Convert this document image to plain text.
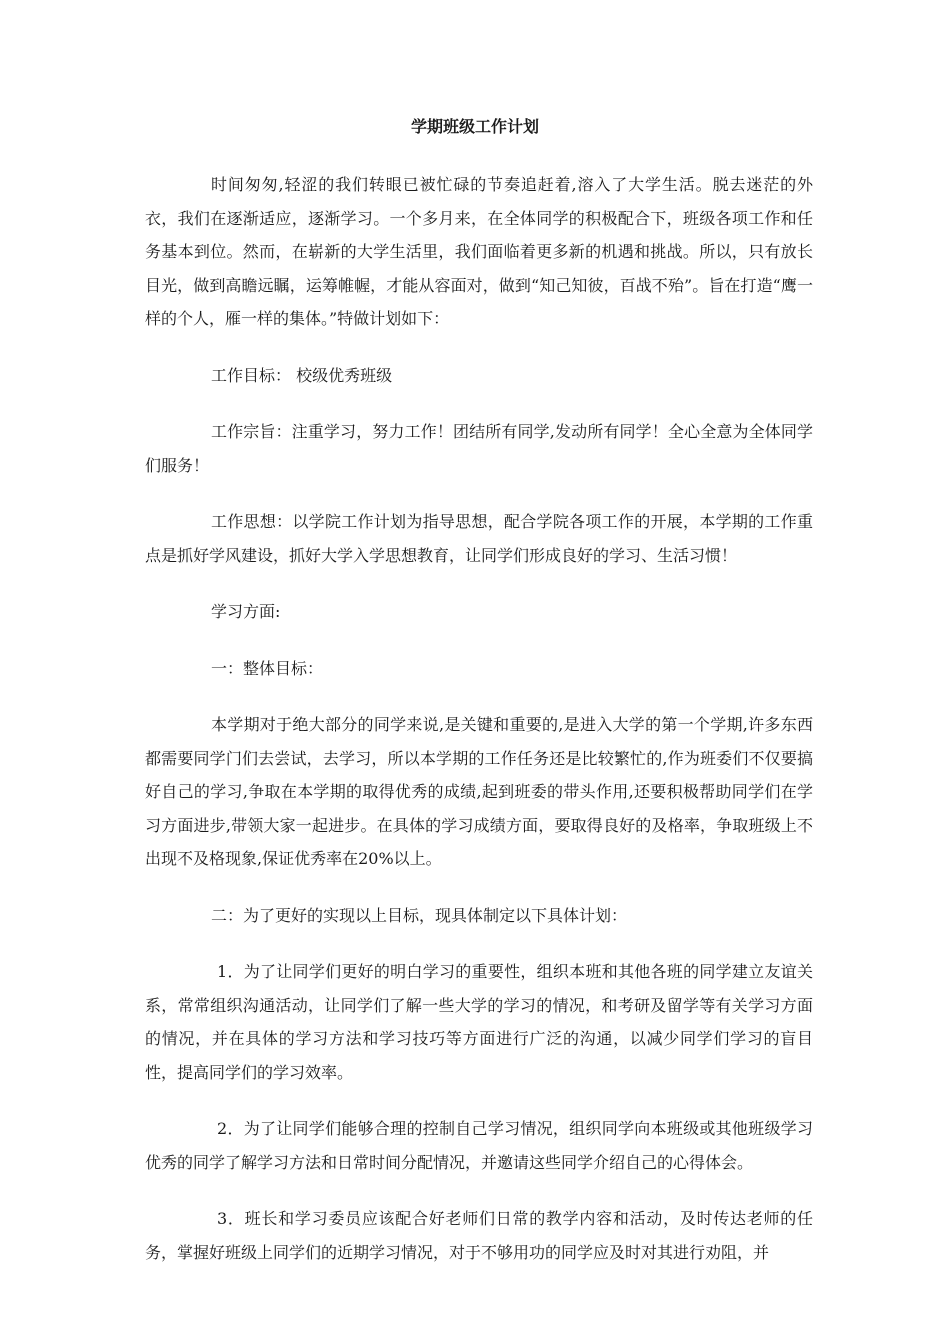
学期班级工作计划

时间匆匆,轻涩的我们转眼已被忙碌的节奏追赶着,溶入了大学生活。脱去迷茫的外衣，我们在逐渐适应，逐渐学习。一个多月来，在全体同学的积极配合下，班级各项工作和任务基本到位。然而，在崭新的大学生活里，我们面临着更多新的机遇和挑战。所以，只有放长目光，做到高瞻远瞩，运筹帷幄，才能从容面对，做到“知己知彼，百战不殆”。旨在打造“鹰一样的个人，雁一样的集体。”特做计划如下：

工作目标： 校级优秀班级

工作宗旨：注重学习，努力工作！团结所有同学,发动所有同学！全心全意为全体同学们服务！

工作思想：以学院工作计划为指导思想，配合学院各项工作的开展，本学期的工作重点是抓好学风建设，抓好大学入学思想教育，让同学们形成良好的学习、生活习惯！

学习方面:

一：整体目标：

本学期对于绝大部分的同学来说,是关键和重要的,是进入大学的第一个学期,许多东西都需要同学门们去尝试，去学习，所以本学期的工作任务还是比较繁忙的,作为班委们不仅要搞好自己的学习,争取在本学期的取得优秀的成绩,起到班委的带头作用,还要积极帮助同学们在学习方面进步,带领大家一起进步。在具体的学习成绩方面，要取得良好的及格率，争取班级上不出现不及格现象,保证优秀率在20%以上。

二：为了更好的实现以上目标，现具体制定以下具体计划：

1．为了让同学们更好的明白学习的重要性，组织本班和其他各班的同学建立友谊关系，常常组织沟通活动，让同学们了解一些大学的学习的情况，和考研及留学等有关学习方面的情况，并在具体的学习方法和学习技巧等方面进行广泛的沟通，以减少同学们学习的盲目性，提高同学们的学习效率。

2．为了让同学们能够合理的控制自己学习情况，组织同学向本班级或其他班级学习优秀的同学了解学习方法和日常时间分配情况，并邀请这些同学介绍自己的心得体会。

3．班长和学习委员应该配合好老师们日常的教学内容和活动，及时传达老师的任务，掌握好班级上同学们的近期学习情况，对于不够用功的同学应及时对其进行劝阻，并
